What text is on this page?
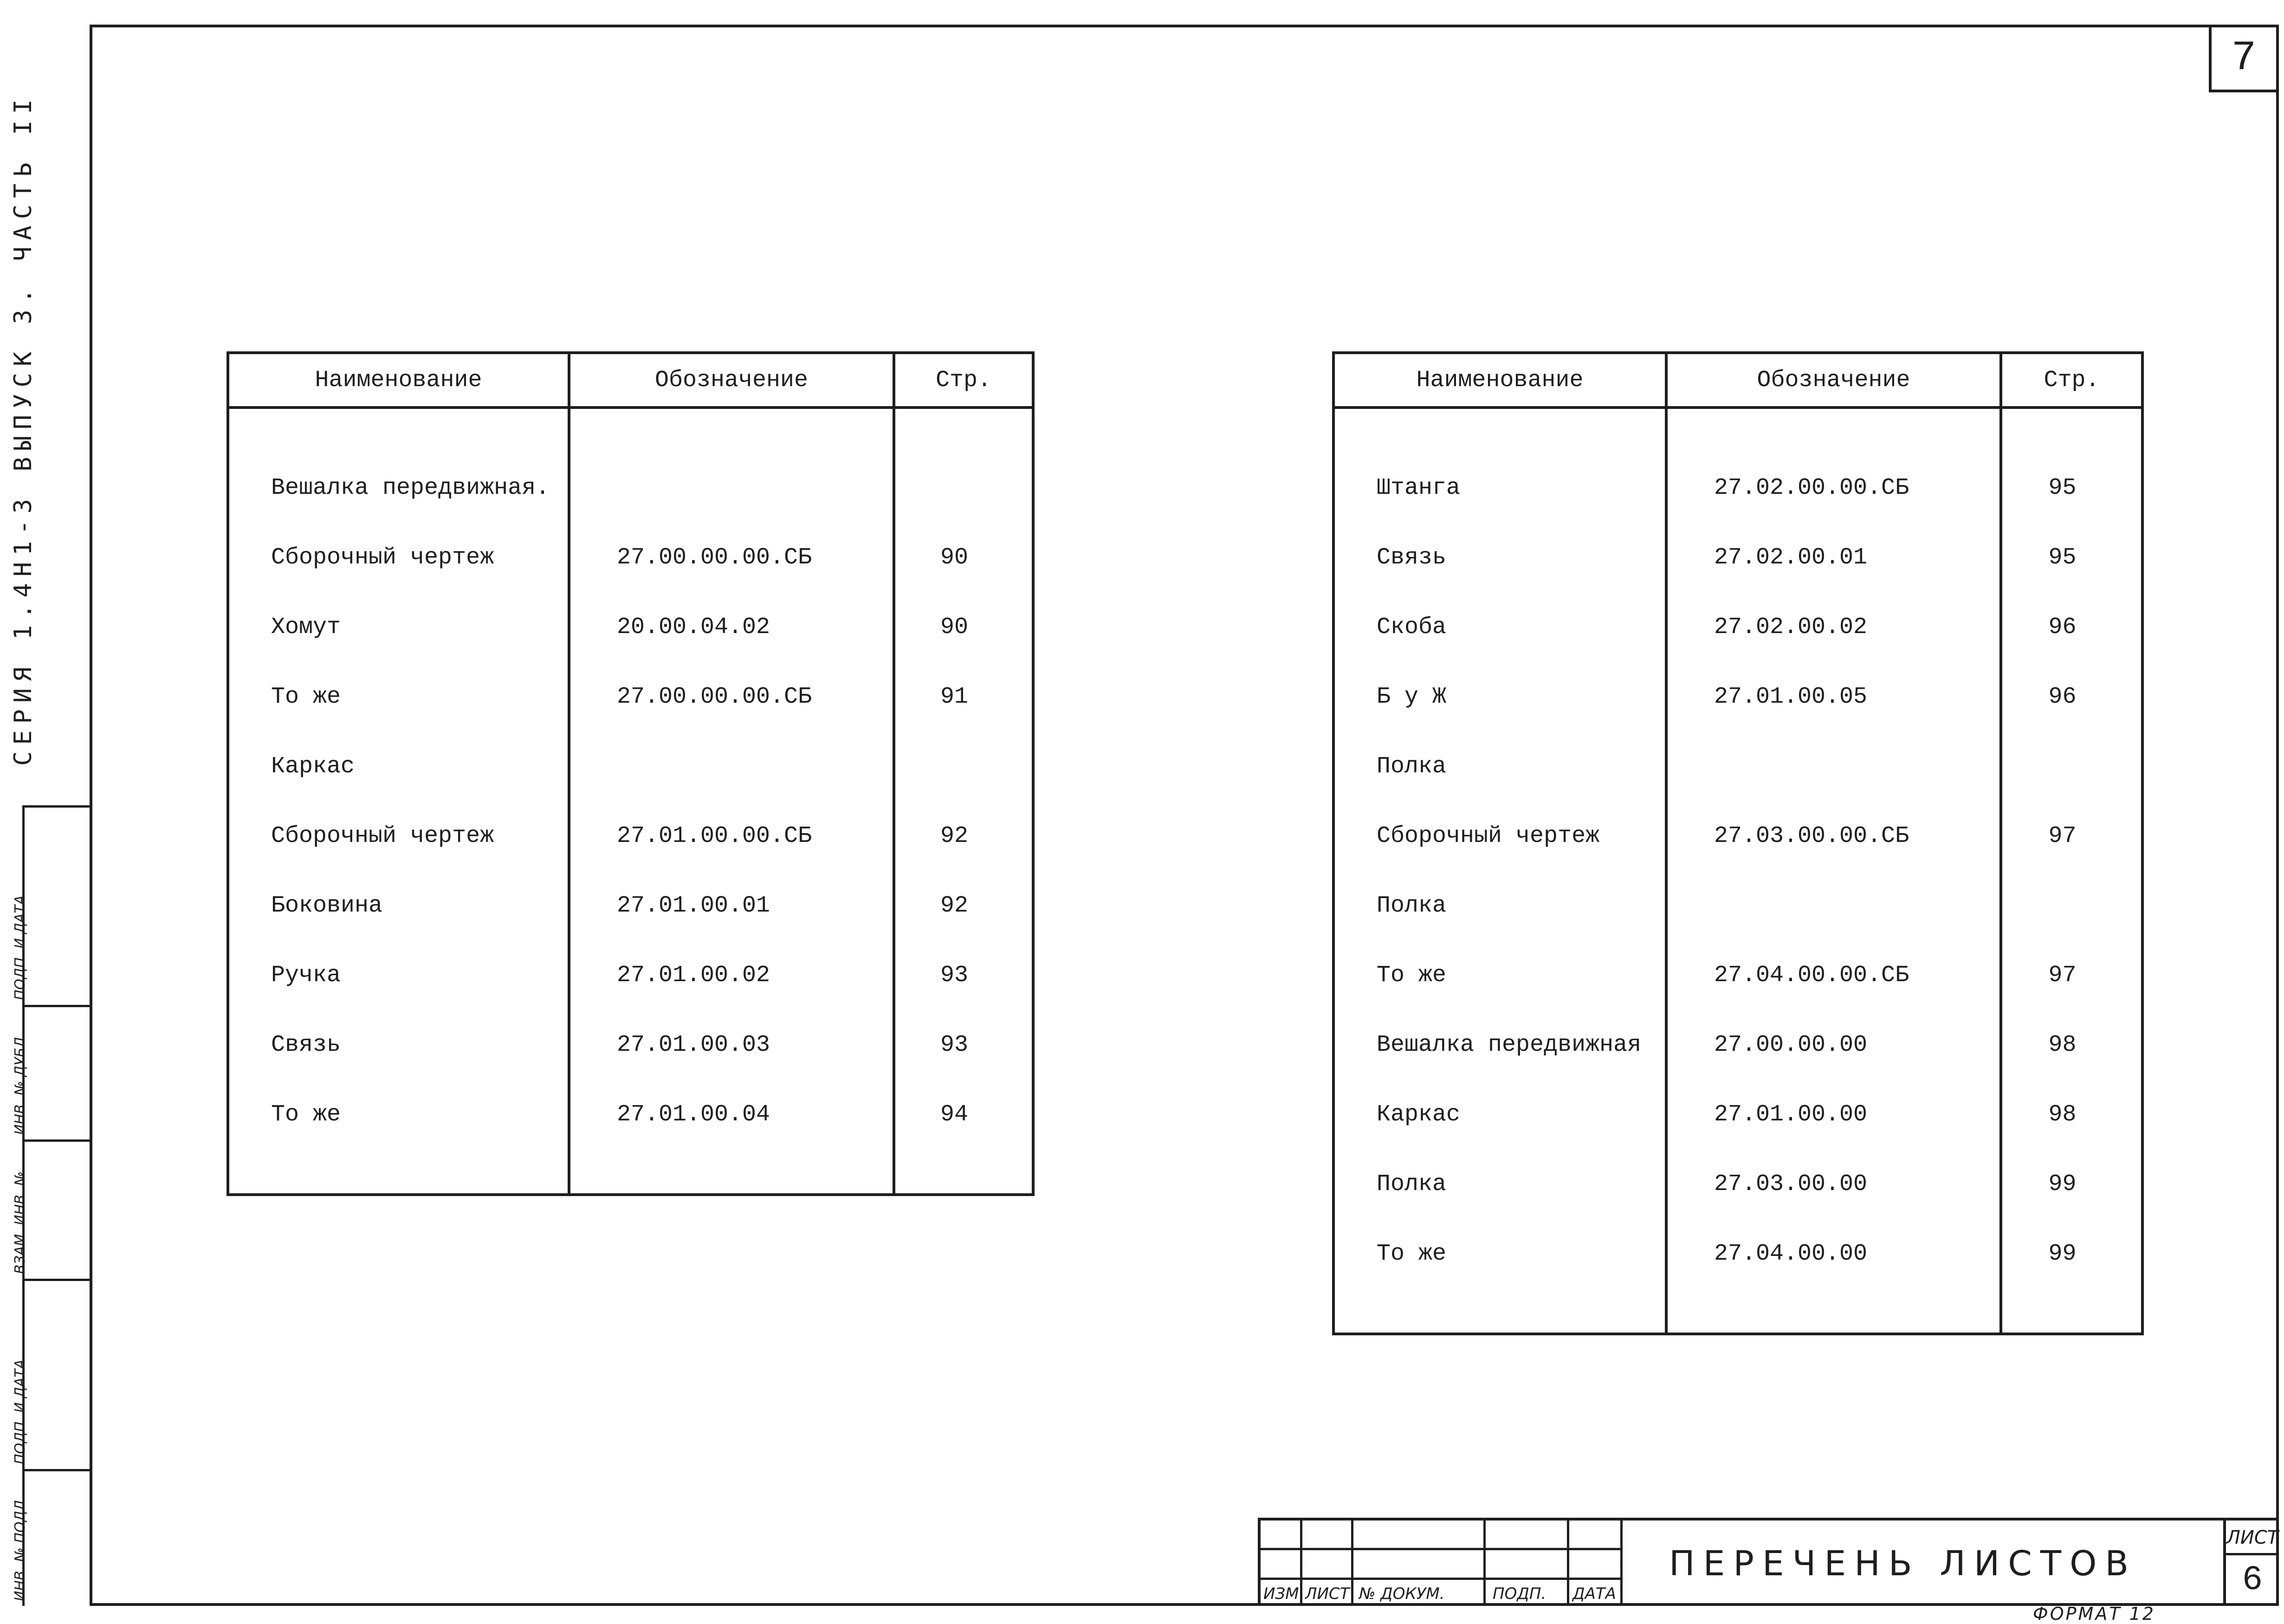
7
СЕРИЯ 1.4Н1-3 ВЫПУСК 3. ЧАСТЬ II
ПОДП. И ДАТА
ИНВ. № ДУБЛ.
ВЗАМ. ИНВ. №
ПОДП. И ДАТА
ИНВ. № ПОДЛ.
Наименование	Обозначение	Стр.

Вешалка передвижная.		
Сборочный чертеж	27.00.00.00.СБ	90
Хомут	20.00.04.02	90
То же	27.00.00.00.СБ	91
Каркас		
Сборочный чертеж	27.01.00.00.СБ	92
Боковина	27.01.00.01	92
Ручка	27.01.00.02	93
Связь	27.01.00.03	93
То же	27.01.00.04	94

Наименование	Обозначение	Стр.

Штанга	27.02.00.00.СБ	95
Связь	27.02.00.01	95
Скоба	27.02.00.02	96
Б у Ж	27.01.00.05	96
Полка		
Сборочный чертеж	27.03.00.00.СБ	97
Полка		
То же	27.04.00.00.СБ	97
Вешалка передвижная	27.00.00.00	98
Каркас	27.01.00.00	98
Полка	27.03.00.00	99
То же	27.04.00.00	99

ИЗМ ЛИСТ № ДОКУМ.	ПОДП. ДАТА
ПЕРЕЧЕНЬ ЛИСТОВ
ЛИСТ
6
ФОРМАТ 12
